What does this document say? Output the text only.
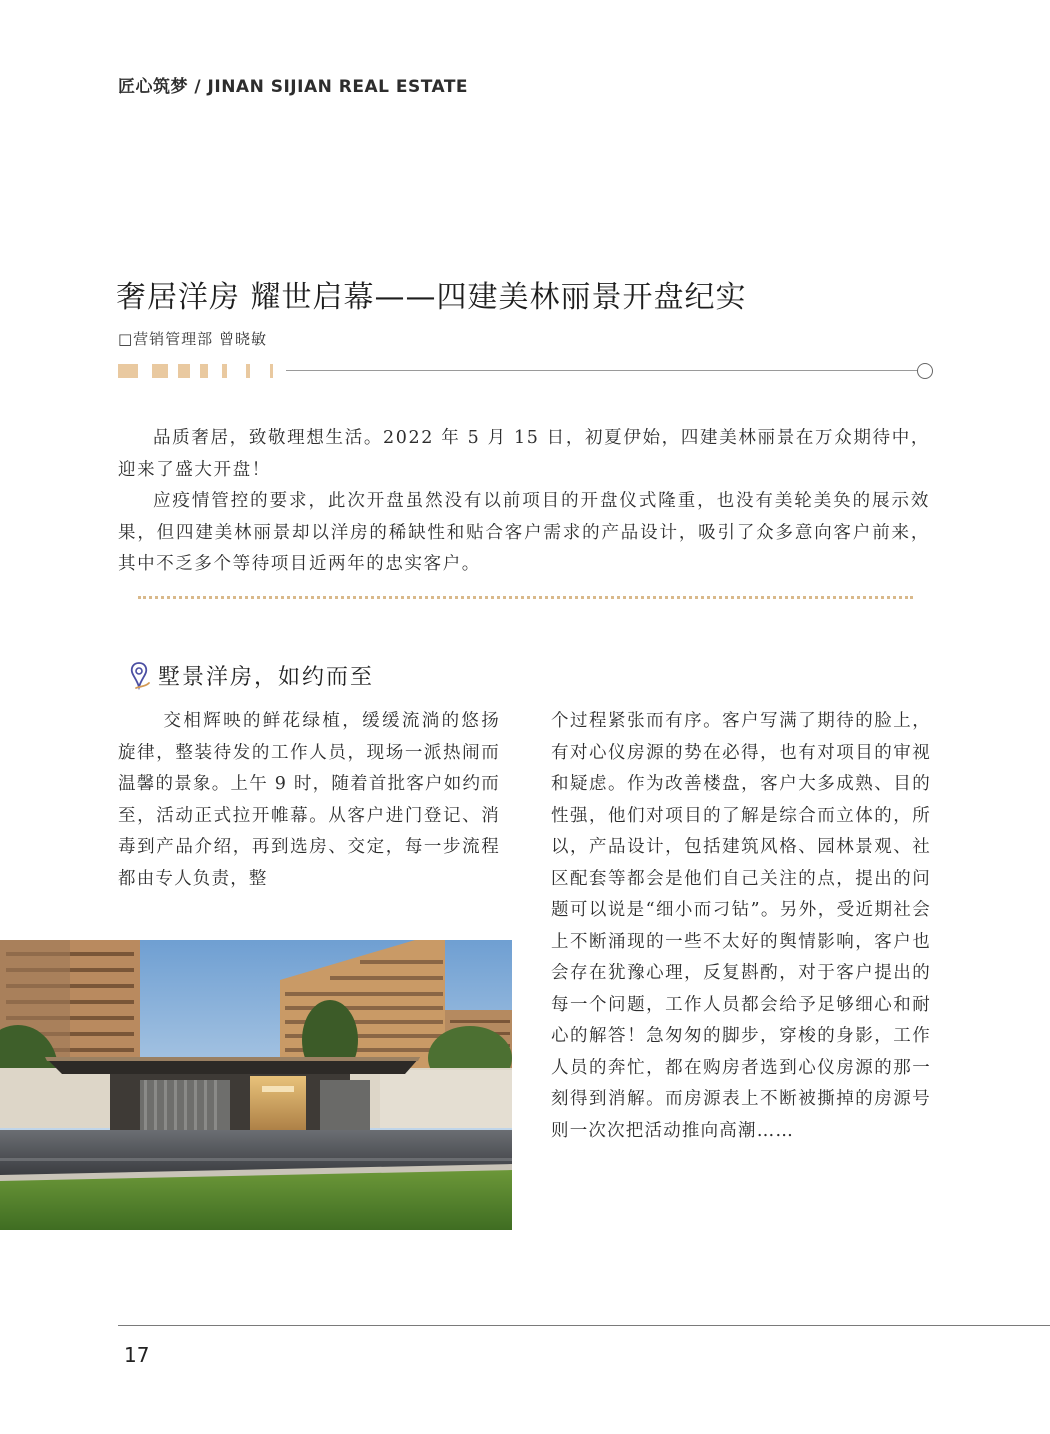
匠心筑梦 / JINAN SIJIAN REAL ESTATE
奢居洋房 耀世启幕——四建美林丽景开盘纪实
□营销管理部 曾晓敏

品质奢居，致敬理想生活。2022 年 5 月 15 日，初夏伊始，四建美林丽景在万众期待中，迎来了盛大开盘！

应疫情管控的要求，此次开盘虽然没有以前项目的开盘仪式隆重，也没有美轮美奂的展示效果，但四建美林丽景却以洋房的稀缺性和贴合客户需求的产品设计，吸引了众多意向客户前来，其中不乏多个等待项目近两年的忠实客户。

墅景洋房，如约而至

交相辉映的鲜花绿植，缓缓流淌的悠扬旋律，整装待发的工作人员，现场一派热闹而温馨的景象。上午 9 时，随着首批客户如约而至，活动正式拉开帷幕。从客户进门登记、消毒到产品介绍，再到选房、交定，每一步流程都由专人负责，整

个过程紧张而有序。客户写满了期待的脸上，有对心仪房源的势在必得，也有对项目的审视和疑虑。作为改善楼盘，客户大多成熟、目的性强，他们对项目的了解是综合而立体的，所以，产品设计，包括建筑风格、园林景观、社区配套等都会是他们自己关注的点，提出的问题可以说是“细小而刁钻”。另外，受近期社会上不断涌现的一些不太好的舆情影响，客户也会存在犹豫心理，反复斟酌，对于客户提出的每一个问题，工作人员都会给予足够细心和耐心的解答！急匆匆的脚步，穿梭的身影，工作人员的奔忙，都在购房者选到心仪房源的那一刻得到消解。而房源表上不断被撕掉的房源号则一次次把活动推向高潮……

17
